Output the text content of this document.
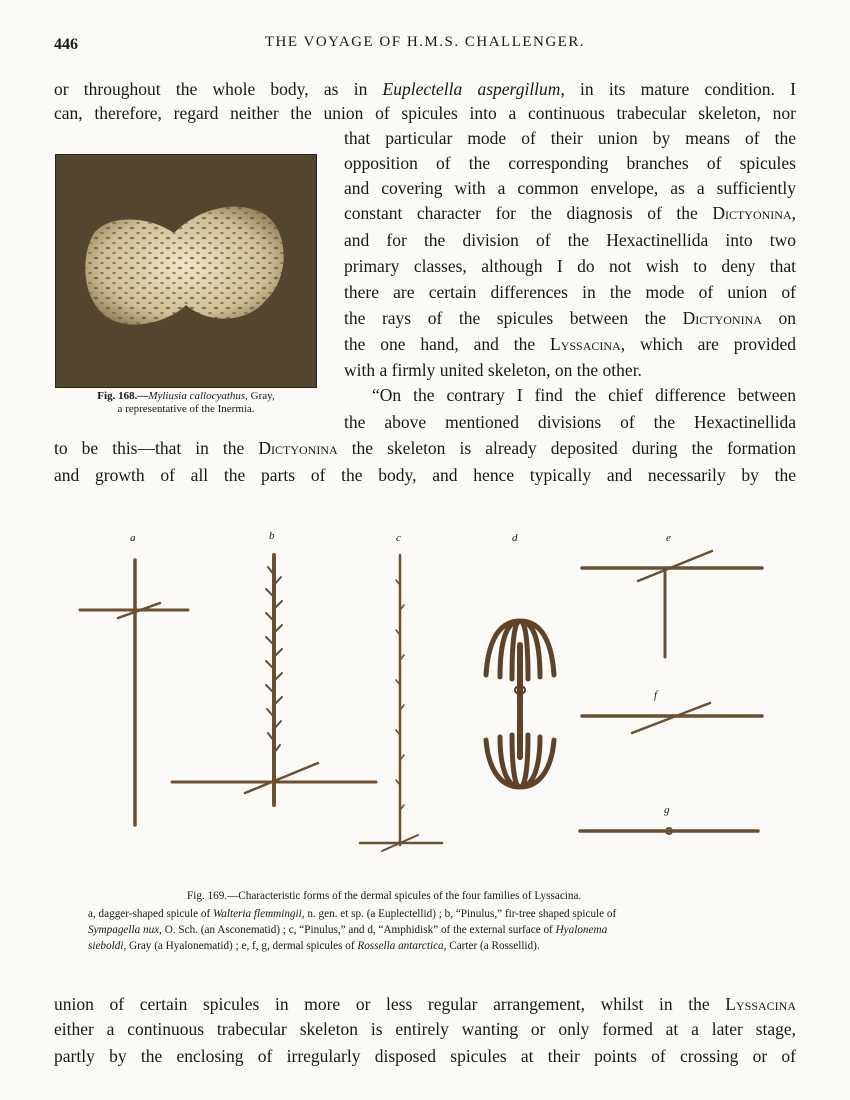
446	THE VOYAGE OF H.M.S. CHALLENGER.
or throughout the whole body, as in Euplectella aspergillum, in its mature condition. I
can, therefore, regard neither the union of spicules into a continuous trabecular skeleton, nor
that particular mode of their union by means of the
opposition of the corresponding branches of spicules
and covering with a common envelope, as a sufficiently
constant character for the diagnosis of the Dictyonina,
and for the division of the Hexactinellida into two
primary classes, although I do not wish to deny that
there are certain differences in the mode of union of
the rays of the spicules between the Dictyonina on
the one hand, and the Lyssacina, which are provided
with a firmly united skeleton, on the other.
“On the contrary I find the chief difference between
the above mentioned divisions of the Hexactinellida
to be this—that in the Dictyonina the skeleton is already deposited during the formation
and growth of all the parts of the body, and hence typically and necessarily by the
Fig. 168.—Myliusia callocyathus, Gray,
a representative of the Inermia.
a	b	c	d	e
f
g
Fig. 169.—Characteristic forms of the dermal spicules of the four families of Lyssacina.
a, dagger-shaped spicule of Walteria flemmingii, n. gen. et sp. (a Euplectellid) ; b, “Pinulus,” fir-tree shaped spicule of
Sympagella nux, O. Sch. (an Asconematid) ; c, “Pinulus,” and d, “Amphidisk” of the external surface of Hyalonema
sieboldi, Gray (a Hyalonematid) ; e, f, g, dermal spicules of Rossella antarctica, Carter (a Rossellid).
union of certain spicules in more or less regular arrangement, whilst in the Lyssacina
either a continuous trabecular skeleton is entirely wanting or only formed at a later stage,
partly by the enclosing of irregularly disposed spicules at their points of crossing or of
